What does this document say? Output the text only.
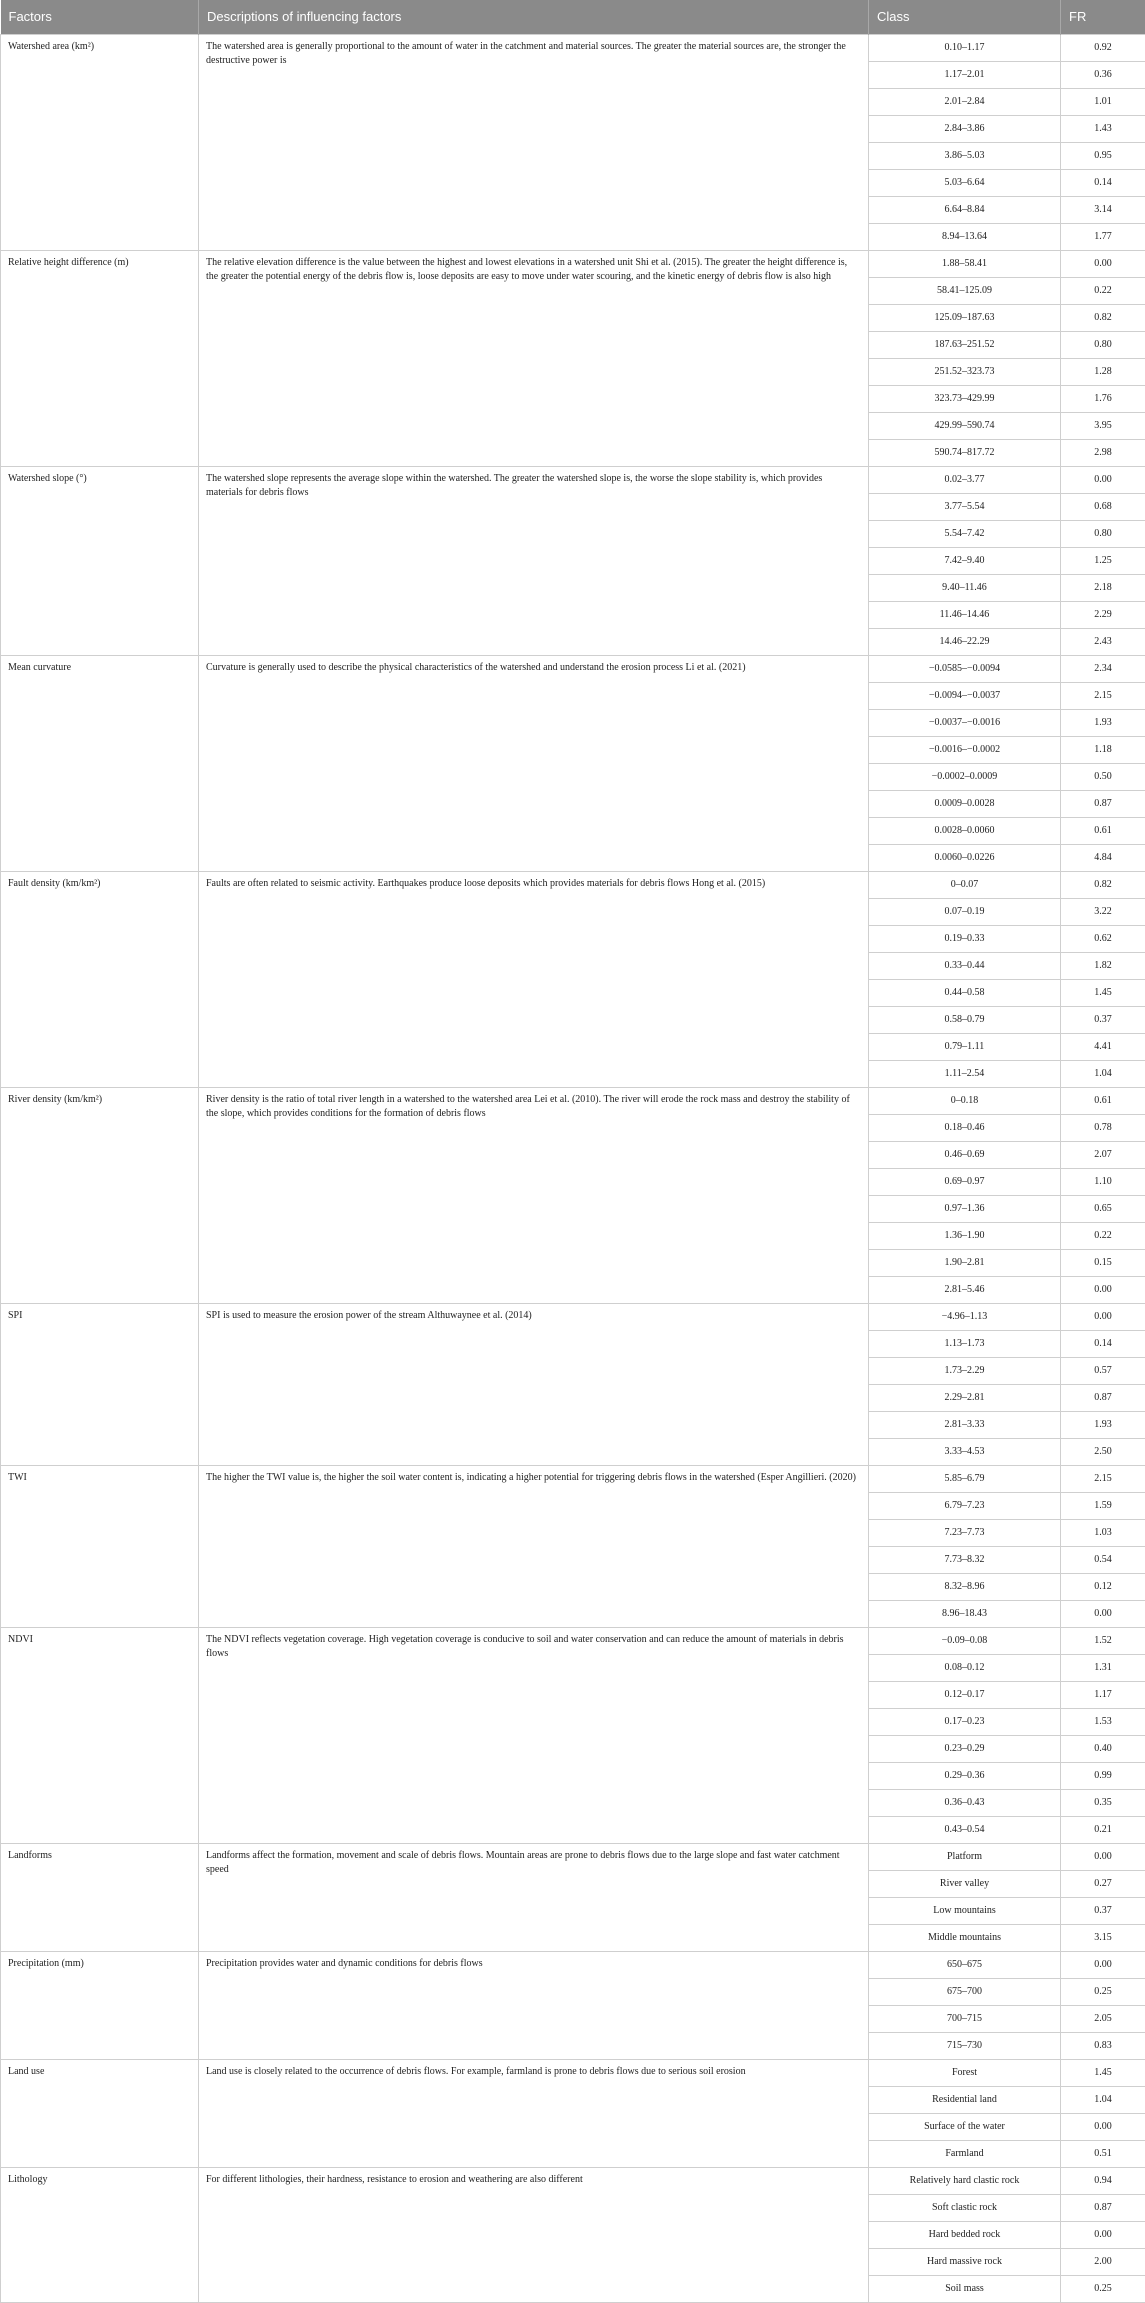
Factors	Descriptions of influencing factors	Class	FR
Watershed area (km²)	The watershed area is generally proportional to the amount of water in the catchment and material sources. The greater the material sources are, the stronger the destructive power is	0.10–1.17	0.92
		1.17–2.01	0.36
		2.01–2.84	1.01
		2.84–3.86	1.43
		3.86–5.03	0.95
		5.03–6.64	0.14
		6.64–8.84	3.14
		8.94–13.64	1.77
Relative height difference (m)	The relative elevation difference is the value between the highest and lowest elevations in a watershed unit Shi et al. (2015). The greater the height difference is, the greater the potential energy of the debris flow is, loose deposits are easy to move under water scouring, and the kinetic energy of debris flow is also high	1.88–58.41	0.00
		58.41–125.09	0.22
		125.09–187.63	0.82
		187.63–251.52	0.80
		251.52–323.73	1.28
		323.73–429.99	1.76
		429.99–590.74	3.95
		590.74–817.72	2.98
Watershed slope (°)	The watershed slope represents the average slope within the watershed. The greater the watershed slope is, the worse the slope stability is, which provides materials for debris flows	0.02–3.77	0.00
		3.77–5.54	0.68
		5.54–7.42	0.80
		7.42–9.40	1.25
		9.40–11.46	2.18
		11.46–14.46	2.29
		14.46–22.29	2.43
Mean curvature	Curvature is generally used to describe the physical characteristics of the watershed and understand the erosion process Li et al. (2021)	−0.0585–−0.0094	2.34
		−0.0094–−0.0037	2.15
		−0.0037–−0.0016	1.93
		−0.0016–−0.0002	1.18
		−0.0002–0.0009	0.50
		0.0009–0.0028	0.87
		0.0028–0.0060	0.61
		0.0060–0.0226	4.84
Fault density (km/km²)	Faults are often related to seismic activity. Earthquakes produce loose deposits which provides materials for debris flows Hong et al. (2015)	0–0.07	0.82
		0.07–0.19	3.22
		0.19–0.33	0.62
		0.33–0.44	1.82
		0.44–0.58	1.45
		0.58–0.79	0.37
		0.79–1.11	4.41
		1.11–2.54	1.04
River density (km/km²)	River density is the ratio of total river length in a watershed to the watershed area Lei et al. (2010). The river will erode the rock mass and destroy the stability of the slope, which provides conditions for the formation of debris flows	0–0.18	0.61
		0.18–0.46	0.78
		0.46–0.69	2.07
		0.69–0.97	1.10
		0.97–1.36	0.65
		1.36–1.90	0.22
		1.90–2.81	0.15
		2.81–5.46	0.00
SPI	SPI is used to measure the erosion power of the stream Althuwaynee et al. (2014)	−4.96–1.13	0.00
		1.13–1.73	0.14
		1.73–2.29	0.57
		2.29–2.81	0.87
		2.81–3.33	1.93
		3.33–4.53	2.50
TWI	The higher the TWI value is, the higher the soil water content is, indicating a higher potential for triggering debris flows in the watershed (Esper Angillieri. (2020)	5.85–6.79	2.15
		6.79–7.23	1.59
		7.23–7.73	1.03
		7.73–8.32	0.54
		8.32–8.96	0.12
		8.96–18.43	0.00
NDVI	The NDVI reflects vegetation coverage. High vegetation coverage is conducive to soil and water conservation and can reduce the amount of materials in debris flows	−0.09–0.08	1.52
		0.08–0.12	1.31
		0.12–0.17	1.17
		0.17–0.23	1.53
		0.23–0.29	0.40
		0.29–0.36	0.99
		0.36–0.43	0.35
		0.43–0.54	0.21
Landforms	Landforms affect the formation, movement and scale of debris flows. Mountain areas are prone to debris flows due to the large slope and fast water catchment speed	Platform	0.00
		River valley	0.27
		Low mountains	0.37
		Middle mountains	3.15
Precipitation (mm)	Precipitation provides water and dynamic conditions for debris flows	650–675	0.00
		675–700	0.25
		700–715	2.05
		715–730	0.83
Land use	Land use is closely related to the occurrence of debris flows. For example, farmland is prone to debris flows due to serious soil erosion	Forest	1.45
		Residential land	1.04
		Surface of the water	0.00
		Farmland	0.51
Lithology	For different lithologies, their hardness, resistance to erosion and weathering are also different	Relatively hard clastic rock	0.94
		Soft clastic rock	0.87
		Hard bedded rock	0.00
		Hard massive rock	2.00
		Soil mass	0.25
